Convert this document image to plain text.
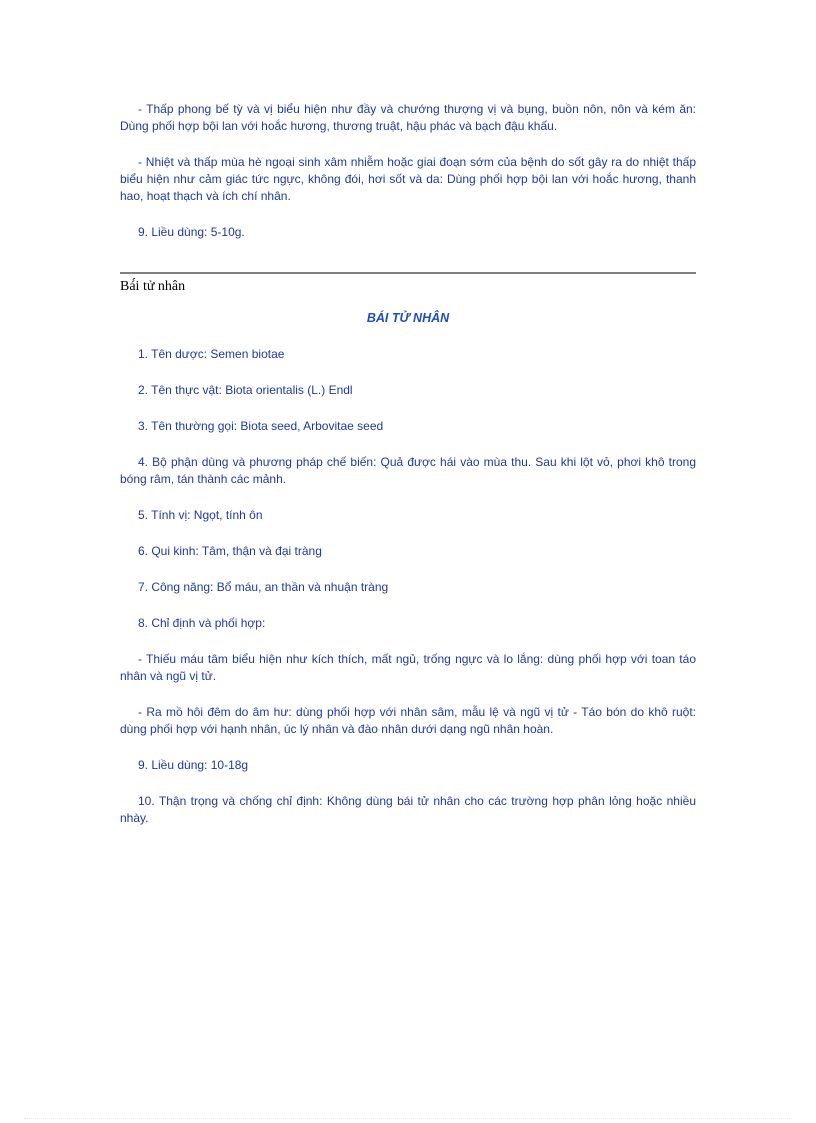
- Thấp phong bế tỳ và vị biểu hiện như đầy và chướng thượng vị và bụng, buồn nôn, nôn và kém ăn: Dùng phối hợp bội lan với hoắc hương, thương truật, hậu phác và bạch đậu khấu.

- Nhiệt và thấp mùa hè ngoại sinh xâm nhiễm hoặc giai đoạn sớm của bệnh do sốt gây ra do nhiệt thấp biểu hiện như cảm giác tức ngực, không đói, hơi sốt và da: Dùng phối hợp bội lan với hoắc hương, thanh hao, hoạt thạch và ích chí nhân.

9. Liều dùng: 5-10g.

Bá́i tử nhân
BÁI TỬ NHÂN

1. Tên dược: Semen biotae

2. Tên thực vật: Biota orientalis (L.) Endl

3. Tên thường gọi: Biota seed, Arbovitae seed

4. Bộ phận dùng và phương pháp chế biến: Quả được hái vào mùa thu. Sau khi lột vỏ, phơi khô trong bóng râm, tán thành các mảnh.

5. Tính vị: Ngọt, tính ôn

6. Qui kinh: Tâm, thận và đại tràng

7. Công năng: Bổ máu, an thần và nhuận tràng

8. Chỉ định và phối hợp:

- Thiếu máu tâm biểu hiện như kích thích, mất ngủ, trống ngực và lo lắng: dùng phối hợp với toan táo nhân và ngũ vị tử.

- Ra mồ hôi đêm do âm hư: dùng phối hợp với nhân sâm, mẫu lệ và ngũ vị tử - Táo bón do khô ruột: dùng phối hợp với hạnh nhân, úc lý nhân và đào nhân dưới dạng ngũ nhân hoàn.

9. Liều dùng: 10-18g

10. Thận trọng và chống chỉ định: Không dùng bái tử nhân cho các trường hợp phân lỏng hoặc nhiều nhày.
